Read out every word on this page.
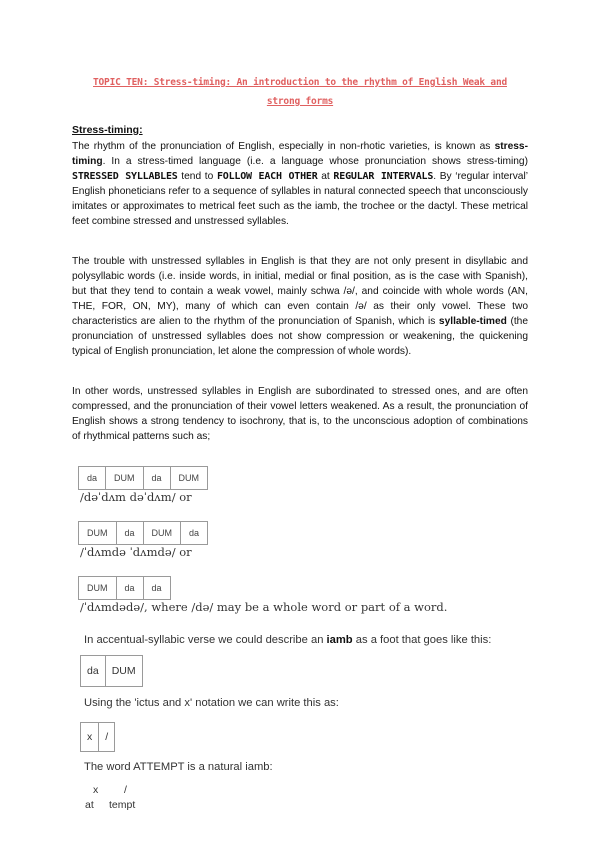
TOPIC TEN: Stress-timing: An introduction to the rhythm of English Weak and
strong forms
Stress-timing:
The rhythm of the pronunciation of English, especially in non-rhotic varieties, is known as stress-timing. In a stress-timed language (i.e. a language whose pronunciation shows stress-timing) STRESSED SYLLABLES tend to FOLLOW EACH OTHER at REGULAR INTERVALS. By ‘regular interval’ English phoneticians refer to a sequence of syllables in natural connected speech that unconsciously imitates or approximates to metrical feet such as the iamb, the trochee or the dactyl. These metrical feet combine stressed and unstressed syllables.
The trouble with unstressed syllables in English is that they are not only present in disyllabic and polysyllabic words (i.e. inside words, in initial, medial or final position, as is the case with Spanish), but that they tend to contain a weak vowel, mainly schwa /ə/, and coincide with whole words (AN, THE, FOR, ON, MY), many of which can even contain /ə/ as their only vowel. These two characteristics are alien to the rhythm of the pronunciation of Spanish, which is syllable-timed (the pronunciation of unstressed syllables does not show compression or weakening, the quickening typical of English pronunciation, let alone the compression of whole words).
In other words, unstressed syllables in English are subordinated to stressed ones, and are often compressed, and the pronunciation of their vowel letters weakened. As a result, the pronunciation of English shows a strong tendency to isochrony, that is, to the unconscious adoption of combinations of rhythmical patterns such as;
da	DUM	da	DUM
/dəˈdʌm dəˈdʌm/ or
DUM	da	DUM	da
/ˈdʌmdə ˈdʌmdə/ or
DUM	da	da
/ˈdʌmdədə/, where /də/ may be a whole word or part of a word.
In accentual-syllabic verse we could describe an iamb as a foot that goes like this:
da	DUM
Using the 'ictus and x' notation we can write this as:
x	/
The word ATTEMPT is a natural iamb:
x /
at tempt
